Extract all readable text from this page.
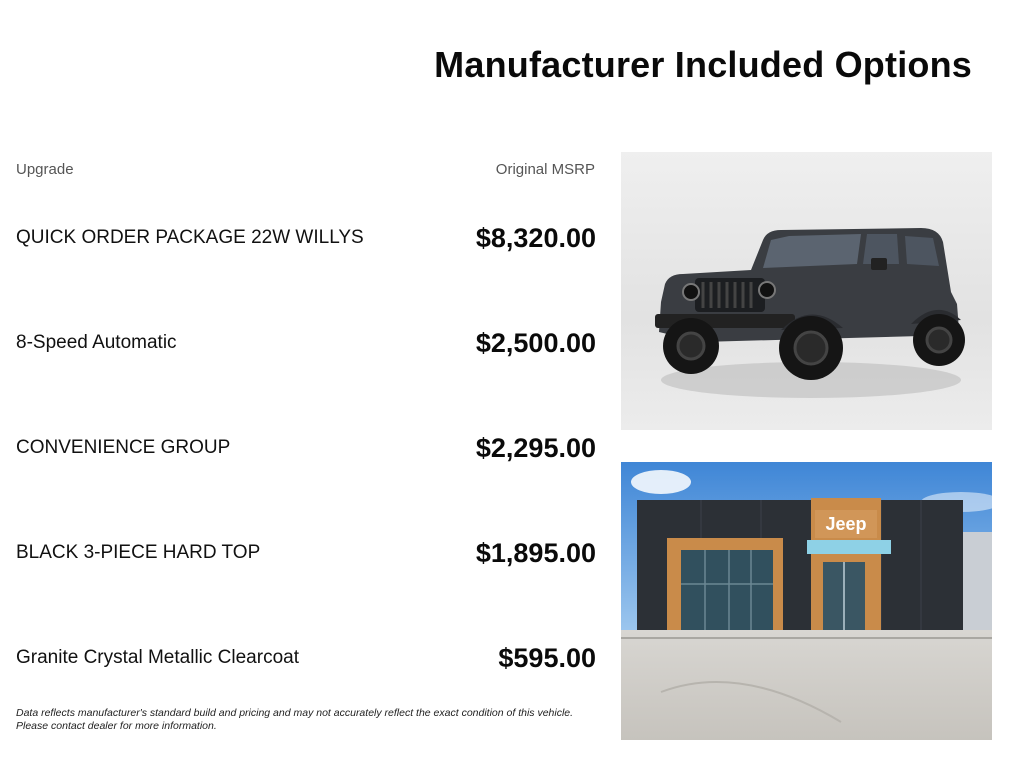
Manufacturer Included Options
Upgrade	Original MSRP
QUICK ORDER PACKAGE 22W WILLYS	$8,320.00
8-Speed Automatic	$2,500.00
CONVENIENCE GROUP	$2,295.00
BLACK 3-PIECE HARD TOP	$1,895.00
Granite Crystal Metallic Clearcoat	$595.00
Data reflects manufacturer's standard build and pricing and may not accurately reflect the exact condition of this vehicle.
Please contact dealer for more information.
Jeep
